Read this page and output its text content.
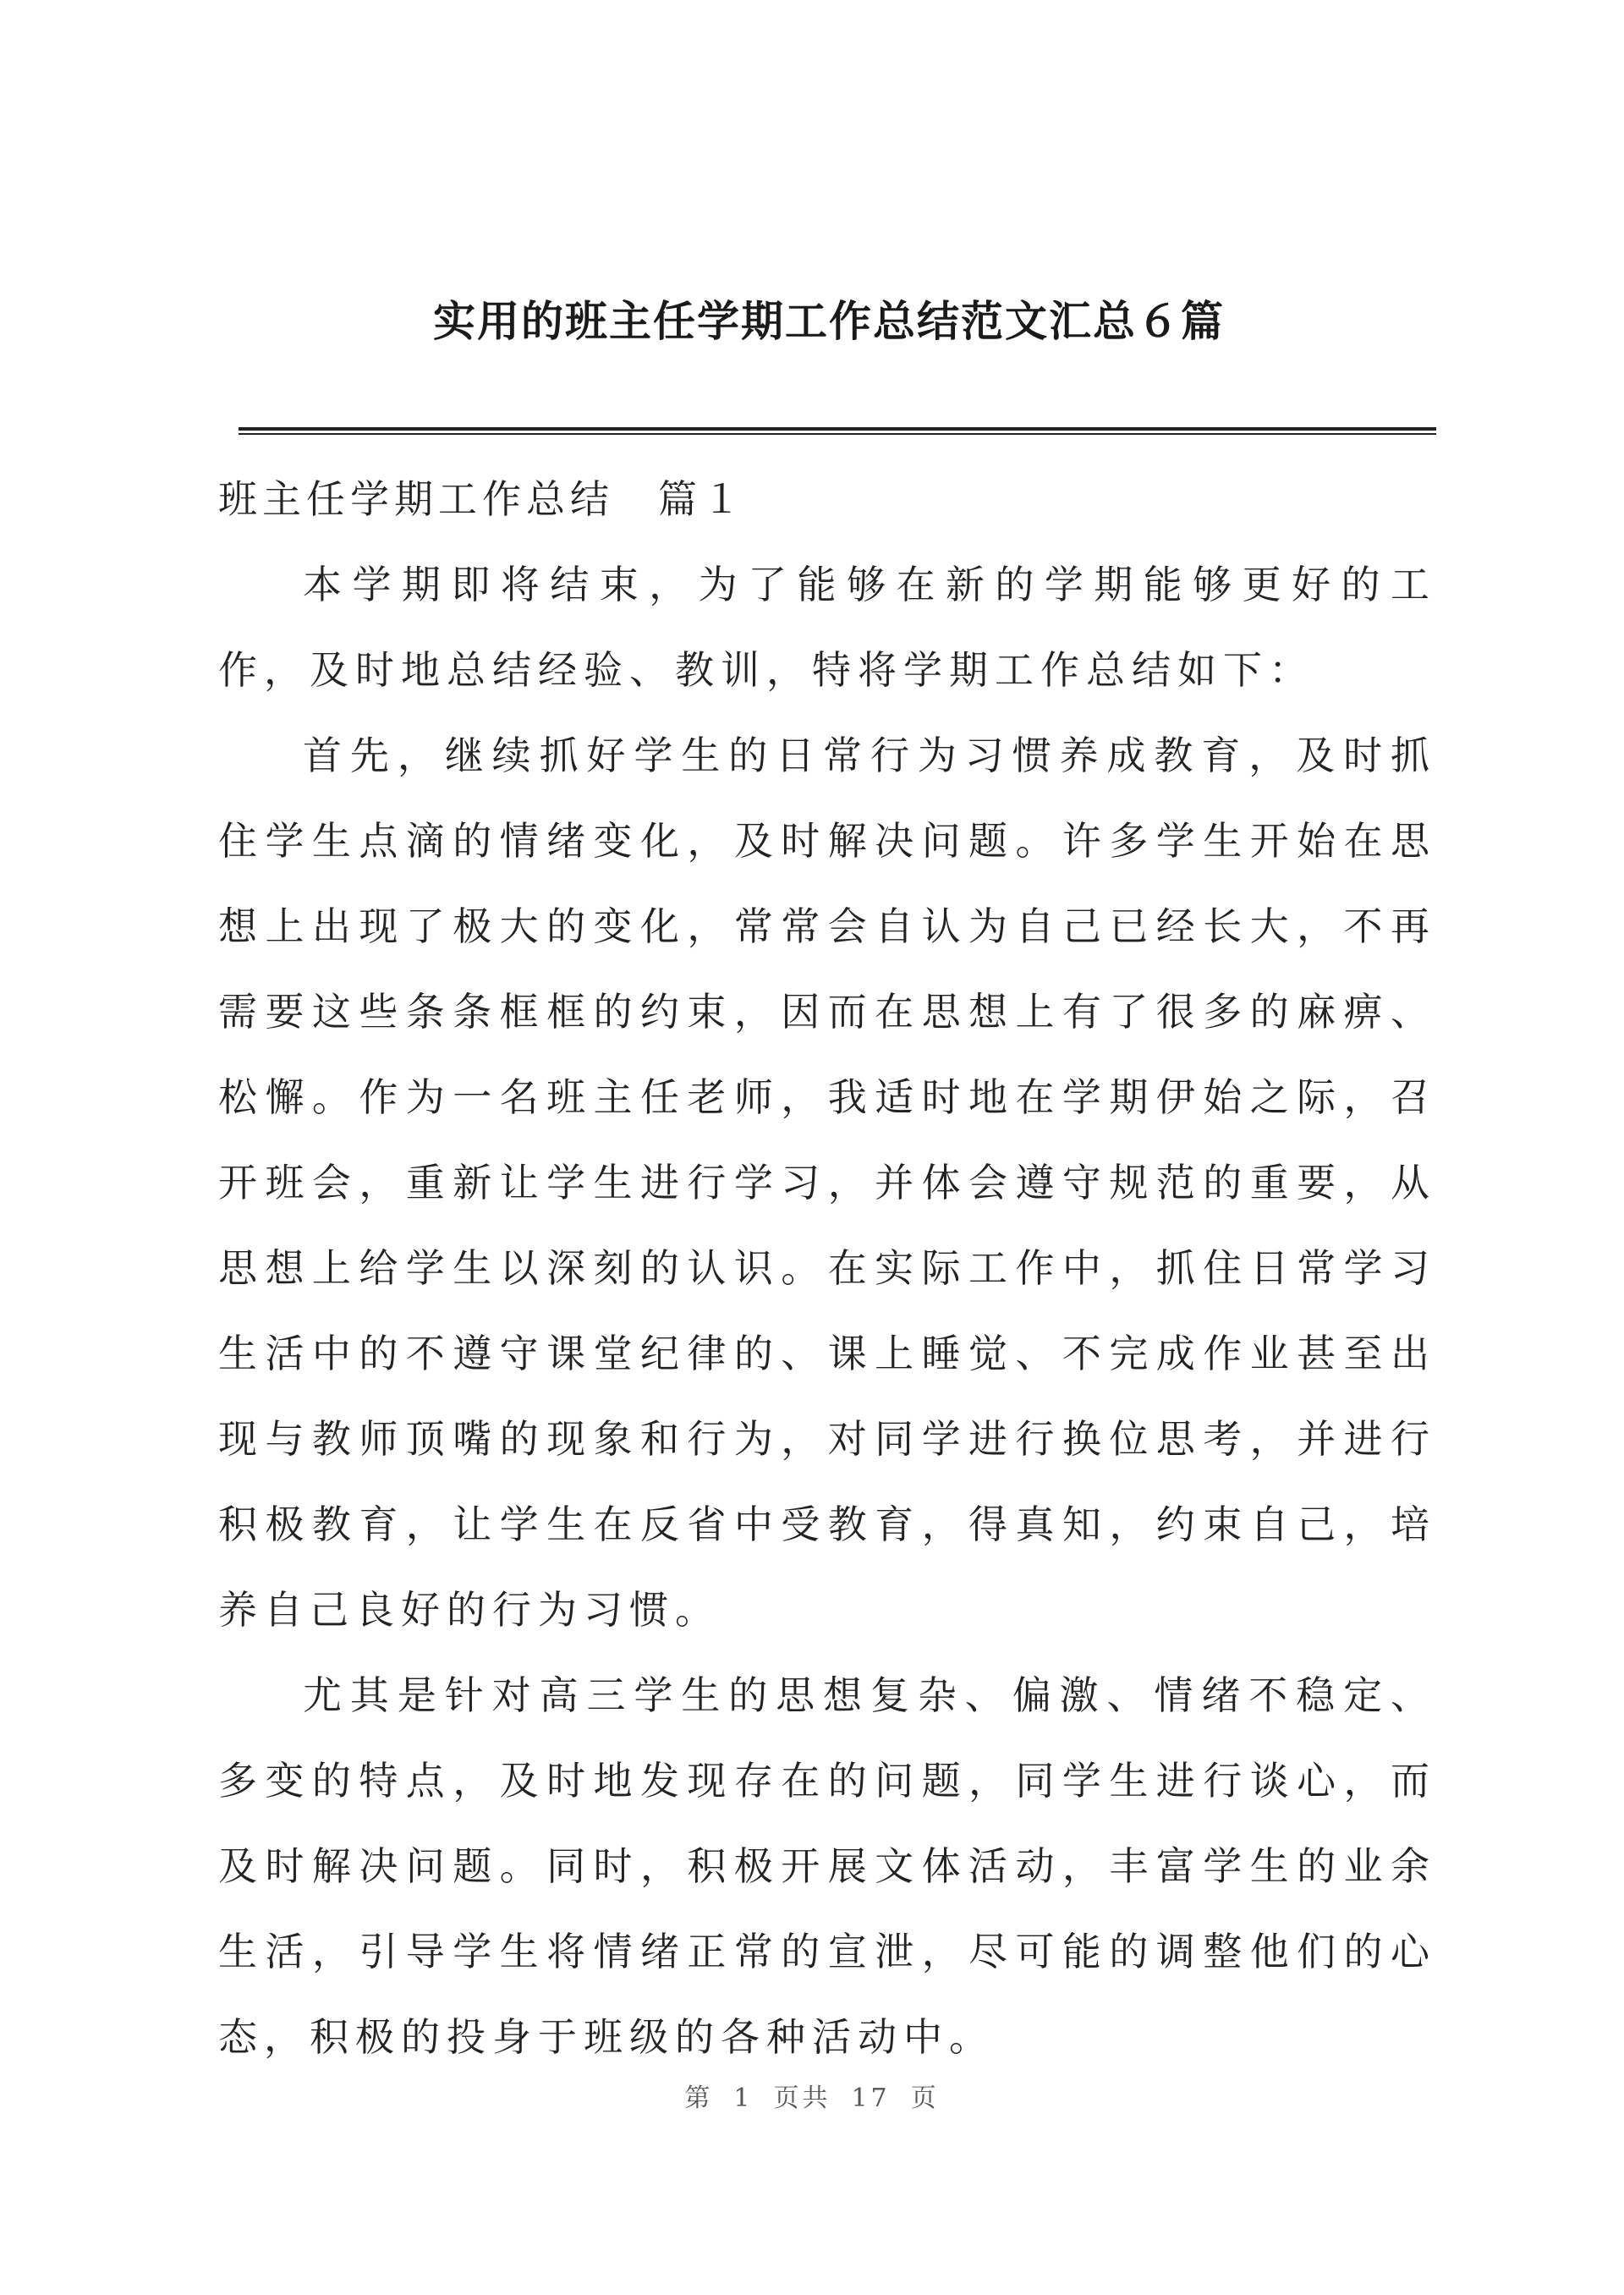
实用的班主任学期工作总结范文汇总６篇

班主任学期工作总结　篇１

本学期即将结束，为了能够在新的学期能够更好的工作，及时地总结经验、教训，特将学期工作总结如下：

首先，继续抓好学生的日常行为习惯养成教育，及时抓住学生点滴的情绪变化，及时解决问题。许多学生开始在思想上出现了极大的变化，常常会自认为自己已经长大，不再需要这些条条框框的约束，因而在思想上有了很多的麻痹、松懈。作为一名班主任老师，我适时地在学期伊始之际，召开班会，重新让学生进行学习，并体会遵守规范的重要，从思想上给学生以深刻的认识。在实际工作中，抓住日常学习生活中的不遵守课堂纪律的、课上睡觉、不完成作业甚至出现与教师顶嘴的现象和行为，对同学进行换位思考，并进行积极教育，让学生在反省中受教育，得真知，约束自己，培养自己良好的行为习惯。

尤其是针对高三学生的思想复杂、偏激、情绪不稳定、多变的特点，及时地发现存在的问题，同学生进行谈心，而及时解决问题。同时，积极开展文体活动，丰富学生的业余生活，引导学生将情绪正常的宣泄，尽可能的调整他们的心态，积极的投身于班级的各种活动中。

第 1 页共 17 页
